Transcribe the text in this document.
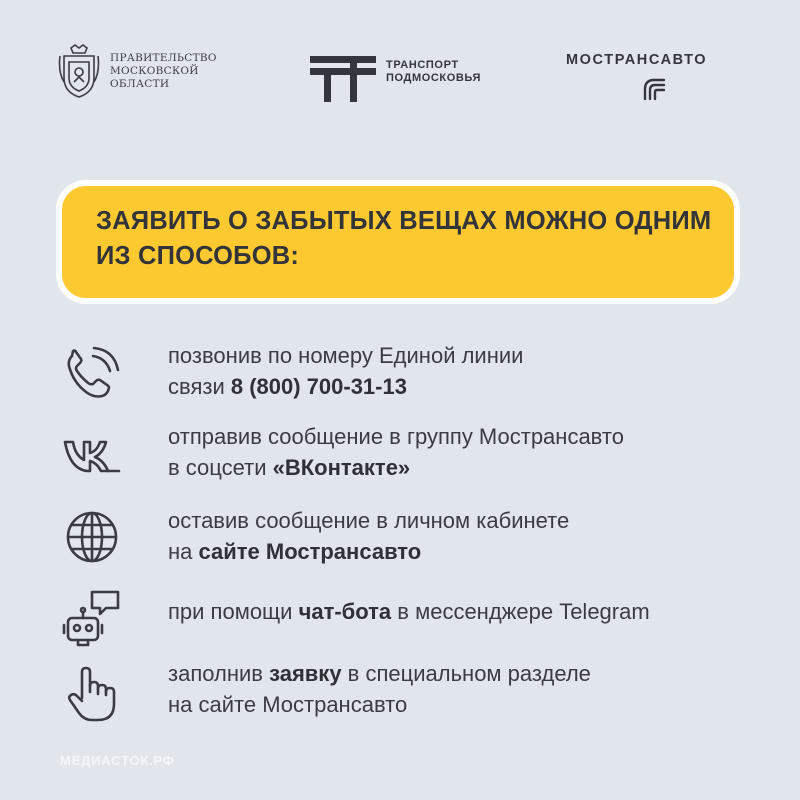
ПРАВИТЕЛЬСТВО
МОСКОВСКОЙ
ОБЛАСТИ
ТРАНСПОРТ
ПОДМОСКОВЬЯ
МОСТРАНСАВТО
ЗАЯВИТЬ О ЗАБЫТЫХ ВЕЩАХ МОЖНО ОДНИМ ИЗ СПОСОБОВ:
позвонив по номеру Единой линии
связи 8 (800) 700-31-13
отправив сообщение в группу Мострансавто
в соцсети «ВКонтакте»
оставив сообщение в личном кабинете
на сайте Мострансавто
при помощи чат-бота в мессенджере Telegram
заполнив заявку в специальном разделе
на сайте Мострансавто
МЕДИАСТОК.РФ
